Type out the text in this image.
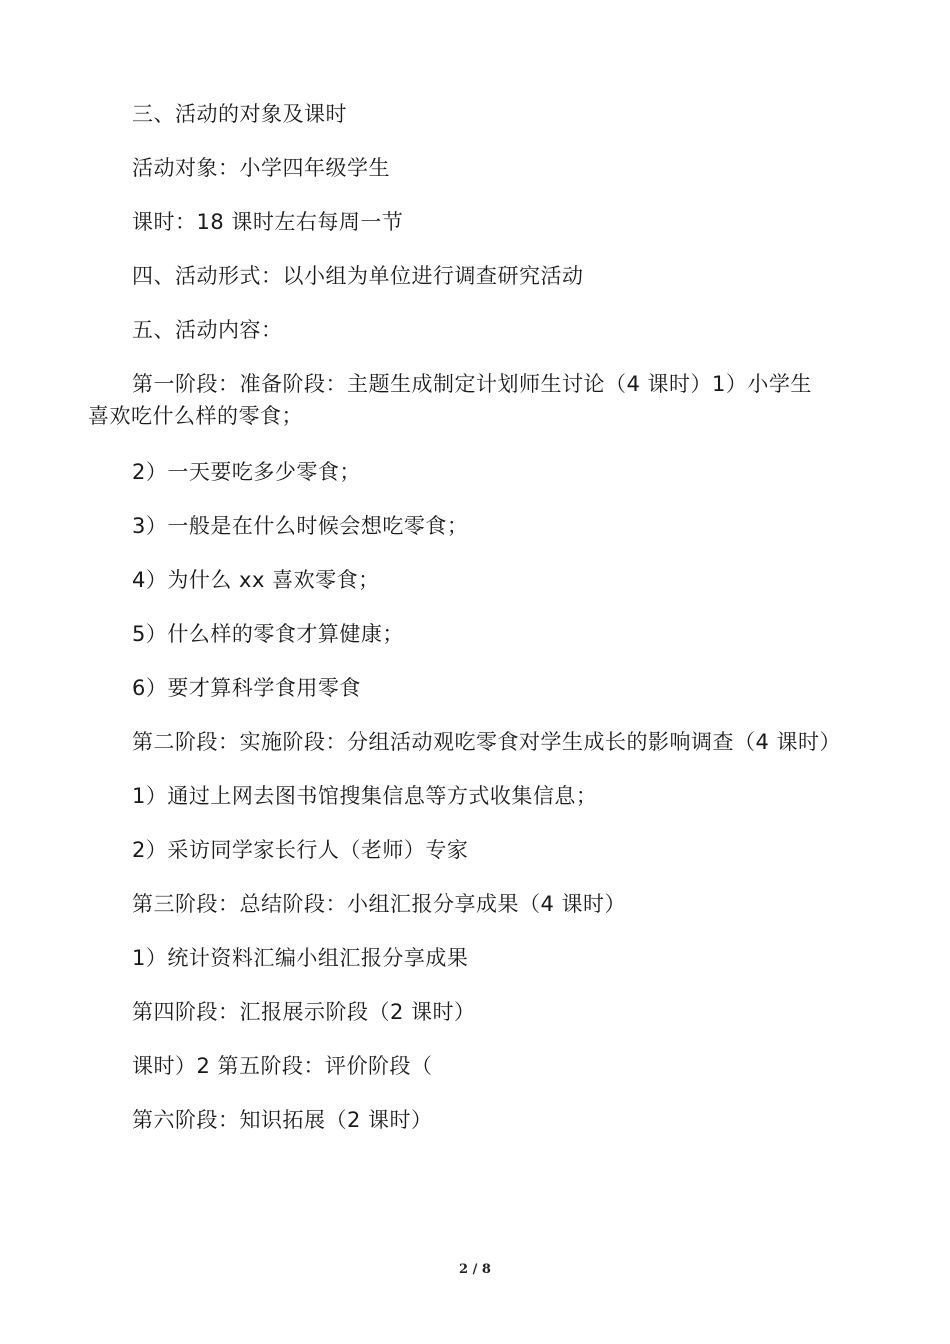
三、活动的对象及课时

活动对象：小学四年级学生

课时：18 课时左右每周一节

四、活动形式：以小组为单位进行调查研究活动

五、活动内容：

第一阶段：准备阶段：主题生成制定计划师生讨论（4 课时）1）小学生喜欢吃什么样的零食；

2）一天要吃多少零食；

3）一般是在什么时候会想吃零食；

4）为什么 xx 喜欢零食；

5）什么样的零食才算健康；

6）要才算科学食用零食

第二阶段：实施阶段：分组活动观吃零食对学生成长的影响调查（4 课时）

1）通过上网去图书馆搜集信息等方式收集信息；

2）采访同学家长行人（老师）专家

第三阶段：总结阶段：小组汇报分享成果（4 课时）

1）统计资料汇编小组汇报分享成果

第四阶段：汇报展示阶段（2 课时）

课时）2 第五阶段：评价阶段（

第六阶段：知识拓展（2 课时）

2 / 8
